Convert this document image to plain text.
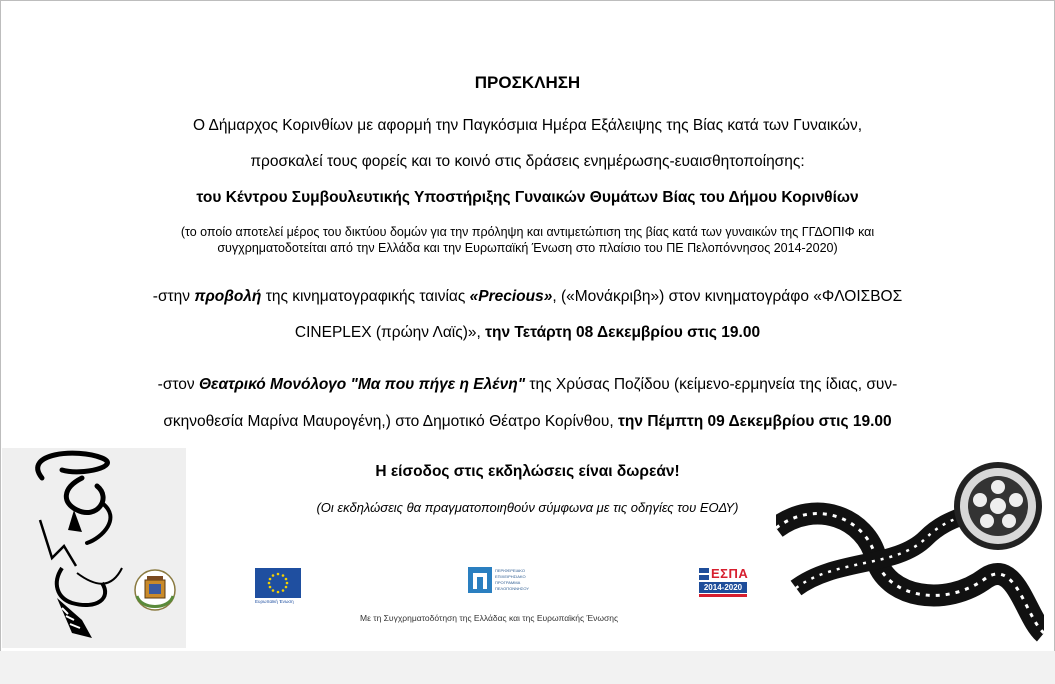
ΠΡΟΣΚΛΗΣΗ
Ο Δήμαρχος Κορινθίων με αφορμή την Παγκόσμια Ημέρα Εξάλειψης της Βίας κατά των Γυναικών,
προσκαλεί τους φορείς και το κοινό στις δράσεις ενημέρωσης-ευαισθητοποίησης:
του Κέντρου Συμβουλευτικής Υποστήριξης Γυναικών Θυμάτων Βίας του Δήμου Κορινθίων
(το οποίο αποτελεί μέρος του δικτύου δομών για την πρόληψη και αντιμετώπιση της βίας κατά των γυναικών της ΓΓΔΟΠΙΦ και
συγχρηματοδοτείται από την Ελλάδα και την Ευρωπαϊκή Ένωση στο πλαίσιο του ΠΕ Πελοπόννησος 2014-2020)
-στην προβολή της κινηματογραφικής ταινίας «Precious», («Μονάκριβη») στον κινηματογράφο «ΦΛΟΙΣΒΟΣ
CINEPLEX (πρώην Λαϊς)», την Τετάρτη 08 Δεκεμβρίου στις 19.00
-στον Θεατρικό Μονόλογο "Μα που πήγε η Ελένη" της Χρύσας Ποζίδου (κείμενο-ερμηνεία της ίδιας, συν-
σκηνοθεσία Μαρίνα Μαυρογένη,) στο Δημοτικό Θέατρο Κορίνθου, την Πέμπτη 09 Δεκεμβρίου στις 19.00
Η είσοδος στις εκδηλώσεις είναι δωρεάν!
(Οι εκδηλώσεις θα πραγματοποιηθούν σύμφωνα με τις οδηγίες του ΕΟΔΥ)
Ευρωπαϊκή Ένωση
ΠΕΡΙΦΕΡΕΙΑΚΟ ΕΠΙΧΕΙΡΗΣΙΑΚΟ ΠΡΟΓΡΑΜΜΑ ΠΕΛΟΠΟΝΝΗΣΟΥ
ΕΣΠΑ
2014-2020
Με τη Συγχρηματοδότηση της Ελλάδας και της Ευρωπαϊκής Ένωσης
